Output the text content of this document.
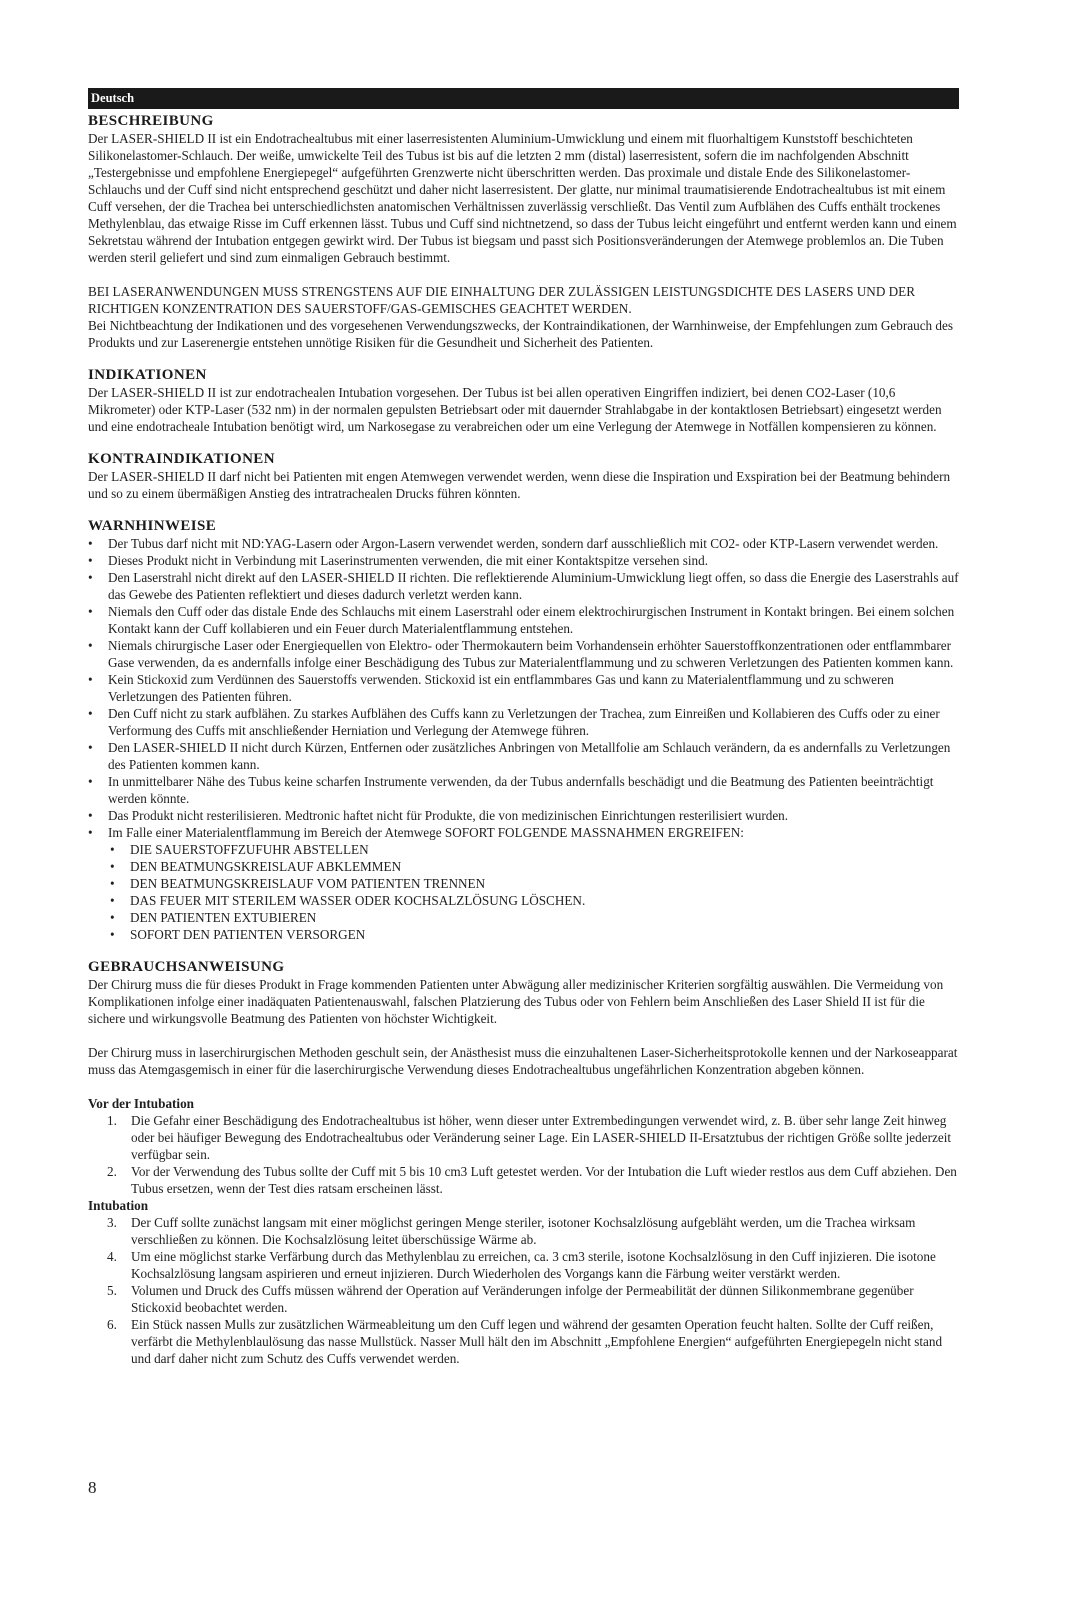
Deutsch
BESCHREIBUNG

Der LASER-SHIELD II ist ein Endotrachealtubus mit einer laserresistenten Aluminium-Umwicklung und einem mit fluorhaltigem Kunststoff beschichteten Silikonelastomer-Schlauch. Der weiße, umwickelte Teil des Tubus ist bis auf die letzten 2 mm (distal) laserresistent, sofern die im nachfolgenden Abschnitt „Testergebnisse und empfohlene Energiepegel“ aufgeführten Grenzwerte nicht überschritten werden. Das proximale und distale Ende des Silikonelastomer-Schlauchs und der Cuff sind nicht entsprechend geschützt und daher nicht laserresistent. Der glatte, nur minimal traumatisierende Endotrachealtubus ist mit einem Cuff versehen, der die Trachea bei unterschiedlichsten anatomischen Verhältnissen zuverlässig verschließt. Das Ventil zum Aufblähen des Cuffs enthält trockenes Methylenblau, das etwaige Risse im Cuff erkennen lässt. Tubus und Cuff sind nichtnetzend, so dass der Tubus leicht eingeführt und entfernt werden kann und einem Sekretstau während der Intubation entgegen gewirkt wird. Der Tubus ist biegsam und passt sich Positionsveränderungen der Atemwege problemlos an. Die Tuben werden steril geliefert und sind zum einmaligen Gebrauch bestimmt.

BEI LASERANWENDUNGEN MUSS STRENGSTENS AUF DIE EINHALTUNG DER ZULÄSSIGEN LEISTUNGSDICHTE DES LASERS UND DER RICHTIGEN KONZENTRATION DES SAUERSTOFF/GAS-GEMISCHES GEACHTET WERDEN.

Bei Nichtbeachtung der Indikationen und des vorgesehenen Verwendungszwecks, der Kontraindikationen, der Warnhinweise, der Empfehlungen zum Gebrauch des Produkts und zur Laserenergie entstehen unnötige Risiken für die Gesundheit und Sicherheit des Patienten.

INDIKATIONEN

Der LASER-SHIELD II ist zur endotrachealen Intubation vorgesehen. Der Tubus ist bei allen operativen Eingriffen indiziert, bei denen CO2-Laser (10,6 Mikrometer) oder KTP-Laser (532 nm) in der normalen gepulsten Betriebsart oder mit dauernder Strahlabgabe in der kontaktlosen Betriebsart) eingesetzt werden und eine endotracheale Intubation benötigt wird, um Narkosegase zu verabreichen oder um eine Verlegung der Atemwege in Notfällen kompensieren zu können.

KONTRAINDIKATIONEN

Der LASER-SHIELD II darf nicht bei Patienten mit engen Atemwegen verwendet werden, wenn diese die Inspiration und Exspiration bei der Beatmung behindern und so zu einem übermäßigen Anstieg des intratrachealen Drucks führen könnten.

WARNHINWEISE
• Der Tubus darf nicht mit ND:YAG-Lasern oder Argon-Lasern verwendet werden, sondern darf ausschließlich mit CO2- oder KTP-Lasern verwendet werden.
• Dieses Produkt nicht in Verbindung mit Laserinstrumenten verwenden, die mit einer Kontaktspitze versehen sind.
• Den Laserstrahl nicht direkt auf den LASER-SHIELD II richten. Die reflektierende Aluminium-Umwicklung liegt offen, so dass die Energie des Laserstrahls auf das Gewebe des Patienten reflektiert und dieses dadurch verletzt werden kann.
• Niemals den Cuff oder das distale Ende des Schlauchs mit einem Laserstrahl oder einem elektrochirurgischen Instrument in Kontakt bringen. Bei einem solchen Kontakt kann der Cuff kollabieren und ein Feuer durch Materialentflammung entstehen.
• Niemals chirurgische Laser oder Energiequellen von Elektro- oder Thermokautern beim Vorhandensein erhöhter Sauerstoffkonzentrationen oder entflammbarer Gase verwenden, da es andernfalls infolge einer Beschädigung des Tubus zur Materialentflammung und zu schweren Verletzungen des Patienten kommen kann.
• Kein Stickoxid zum Verdünnen des Sauerstoffs verwenden. Stickoxid ist ein entflammbares Gas und kann zu Materialentflammung und zu schweren Verletzungen des Patienten führen.
• Den Cuff nicht zu stark aufblähen. Zu starkes Aufblähen des Cuffs kann zu Verletzungen der Trachea, zum Einreißen und Kollabieren des Cuffs oder zu einer Verformung des Cuffs mit anschließender Herniation und Verlegung der Atemwege führen.
• Den LASER-SHIELD II nicht durch Kürzen, Entfernen oder zusätzliches Anbringen von Metallfolie am Schlauch verändern, da es andernfalls zu Verletzungen des Patienten kommen kann.
• In unmittelbarer Nähe des Tubus keine scharfen Instrumente verwenden, da der Tubus andernfalls beschädigt und die Beatmung des Patienten beeinträchtigt werden könnte.
• Das Produkt nicht resterilisieren. Medtronic haftet nicht für Produkte, die von medizinischen Einrichtungen resterilisiert wurden.
• Im Falle einer Materialentflammung im Bereich der Atemwege SOFORT FOLGENDE MASSNAHMEN ERGREIFEN:
• DIE SAUERSTOFFZUFUHR ABSTELLEN
• DEN BEATMUNGSKREISLAUF ABKLEMMEN
• DEN BEATMUNGSKREISLAUF VOM PATIENTEN TRENNEN
• DAS FEUER MIT STERILEM WASSER ODER KOCHSALZLÖSUNG LÖSCHEN.
• DEN PATIENTEN EXTUBIEREN
• SOFORT DEN PATIENTEN VERSORGEN
GEBRAUCHSANWEISUNG

Der Chirurg muss die für dieses Produkt in Frage kommenden Patienten unter Abwägung aller medizinischer Kriterien sorgfältig auswählen. Die Vermeidung von Komplikationen infolge einer inadäquaten Patientenauswahl, falschen Platzierung des Tubus oder von Fehlern beim Anschließen des Laser Shield II ist für die sichere und wirkungsvolle Beatmung des Patienten von höchster Wichtigkeit.

Der Chirurg muss in laserchirurgischen Methoden geschult sein, der Anästhesist muss die einzuhaltenen Laser-Sicherheitsprotokolle kennen und der Narkoseapparat muss das Atemgasgemisch in einer für die laserchirurgische Verwendung dieses Endotrachealtubus ungefährlichen Konzentration abgeben können.

Vor der Intubation
1. Die Gefahr einer Beschädigung des Endotrachealtubus ist höher, wenn dieser unter Extrembedingungen verwendet wird, z. B. über sehr lange Zeit hinweg oder bei häufiger Bewegung des Endotrachealtubus oder Veränderung seiner Lage. Ein LASER-SHIELD II-Ersatztubus der richtigen Größe sollte jederzeit verfügbar sein.
2. Vor der Verwendung des Tubus sollte der Cuff mit 5 bis 10 cm3 Luft getestet werden. Vor der Intubation die Luft wieder restlos aus dem Cuff abziehen. Den Tubus ersetzen, wenn der Test dies ratsam erscheinen lässt.
Intubation
3. Der Cuff sollte zunächst langsam mit einer möglichst geringen Menge steriler, isotoner Kochsalzlösung aufgebläht werden, um die Trachea wirksam verschließen zu können. Die Kochsalzlösung leitet überschüssige Wärme ab.
4. Um eine möglichst starke Verfärbung durch das Methylenblau zu erreichen, ca. 3 cm3 sterile, isotone Kochsalzlösung in den Cuff injizieren. Die isotone Kochsalzlösung langsam aspirieren und erneut injizieren. Durch Wiederholen des Vorgangs kann die Färbung weiter verstärkt werden.
5. Volumen und Druck des Cuffs müssen während der Operation auf Veränderungen infolge der Permeabilität der dünnen Silikonmembrane gegenüber Stickoxid beobachtet werden.
6. Ein Stück nassen Mulls zur zusätzlichen Wärmeableitung um den Cuff legen und während der gesamten Operation feucht halten. Sollte der Cuff reißen, verfärbt die Methylenblaulösung das nasse Mullstück. Nasser Mull hält den im Abschnitt „Empfohlene Energien“ aufgeführten Energiepegeln nicht stand und darf daher nicht zum Schutz des Cuffs verwendet werden.
8
